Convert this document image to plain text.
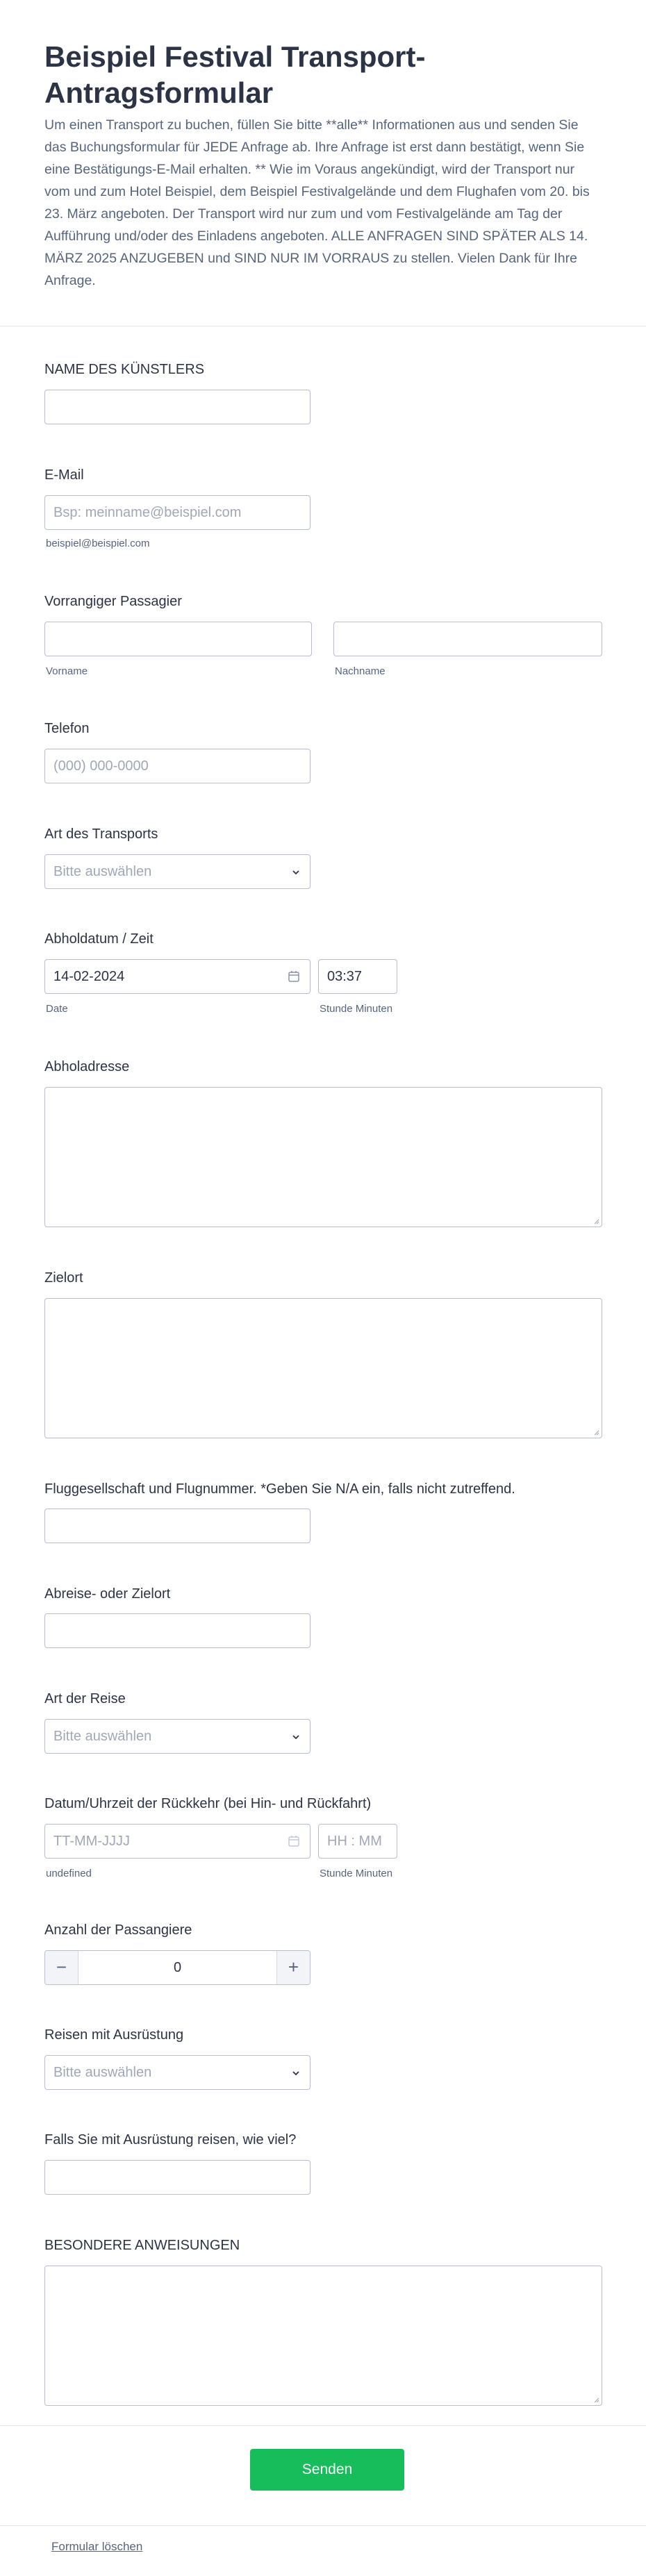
Beispiel Festival Transport-Antragsformular

Um einen Transport zu buchen, füllen Sie bitte **alle** Informationen aus und senden Sie das Buchungsformular für JEDE Anfrage ab. Ihre Anfrage ist erst dann bestätigt, wenn Sie eine Bestätigungs-E-Mail erhalten. ** Wie im Voraus angekündigt, wird der Transport nur vom und zum Hotel Beispiel, dem Beispiel Festivalgelände und dem Flughafen vom 20. bis 23. März angeboten. Der Transport wird nur zum und vom Festivalgelände am Tag der Aufführung und/oder des Einladens angeboten. ALLE ANFRAGEN SIND SPÄTER ALS 14. MÄRZ 2025 ANZUGEBEN und SIND NUR IM VORRAUS zu stellen. Vielen Dank für Ihre Anfrage.

NAME DES KÜNSTLERS
E-Mail
Bsp: meinname@beispiel.com
beispiel@beispiel.com
Vorrangiger Passagier
Vorname	Nachname
Telefon
(000) 000-0000
Art des Transports
Bitte auswählen
Abholdatum / Zeit
14-02-2024	03:37
Date	Stunde Minuten
Abholadresse
Zielort
Fluggesellschaft und Flugnummer. *Geben Sie N/A ein, falls nicht zutreffend.
Abreise- oder Zielort
Art der Reise
Bitte auswählen
Datum/Uhrzeit der Rückkehr (bei Hin- und Rückfahrt)
TT-MM-JJJJ	HH : MM
undefined	Stunde Minuten
Anzahl der Passangiere
−	0	+
Reisen mit Ausrüstung
Bitte auswählen
Falls Sie mit Ausrüstung reisen, wie viel?
BESONDERE ANWEISUNGEN
Senden
Formular löschen
